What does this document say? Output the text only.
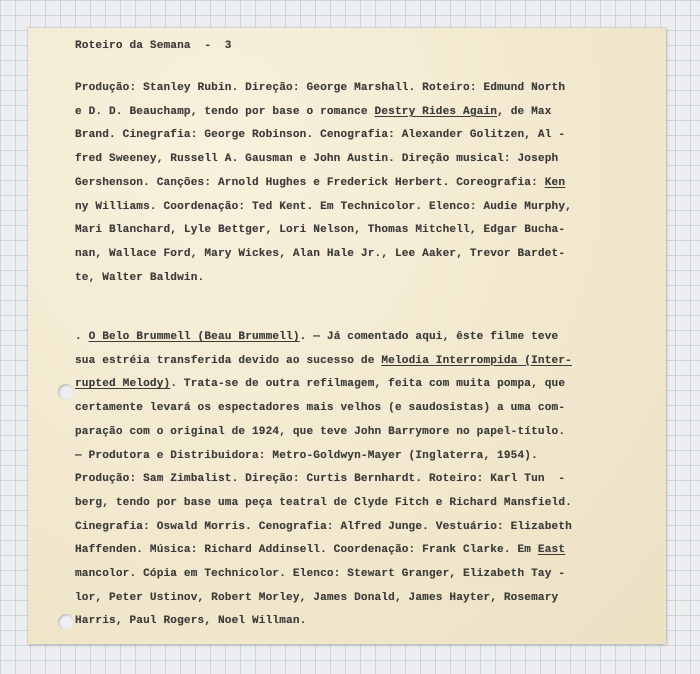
Roteiro da Semana  -  3
Produção: Stanley Rubin. Direção: George Marshall. Roteiro: Edmund North
e D. D. Beauchamp, tendo por base o romance Destry Rides Again, de Max
Brand. Cinegrafia: George Robinson. Cenografia: Alexander Golitzen, Al -
fred Sweeney, Russell A. Gausman e John Austin. Direção musical: Joseph
Gershenson. Canções: Arnold Hughes e Frederick Herbert. Coreografia: Ken
ny Williams. Coordenação: Ted Kent. Em Technicolor. Elenco: Audie Murphy,
Mari Blanchard, Lyle Bettger, Lori Nelson, Thomas Mitchell, Edgar Bucha-
nan, Wallace Ford, Mary Wickes, Alan Hale Jr., Lee Aaker, Trevor Bardet-
te, Walter Baldwin.
. O Belo Brummell (Beau Brummell). — Já comentado aqui, êste filme teve
sua estréia transferida devido ao sucesso de Melodia Interrompida (Inter-
rupted Melody). Trata-se de outra refilmagem, feita com muita pompa, que
certamente levará os espectadores mais velhos (e saudosistas) a uma com-
paração com o original de 1924, que teve John Barrymore no papel-título.
— Produtora e Distribuidora: Metro-Goldwyn-Mayer (Inglaterra, 1954).
Produção: Sam Zimbalist. Direção: Curtis Bernhardt. Roteiro: Karl Tun  -
berg, tendo por base uma peça teatral de Clyde Fitch e Richard Mansfield.
Cinegrafia: Oswald Morris. Cenografia: Alfred Junge. Vestuário: Elizabeth
Haffenden. Música: Richard Addinsell. Coordenação: Frank Clarke. Em East
mancolor. Cópia em Technicolor. Elenco: Stewart Granger, Elizabeth Tay -
lor, Peter Ustinov, Robert Morley, James Donald, James Hayter, Rosemary
Harris, Paul Rogers, Noel Willman.
